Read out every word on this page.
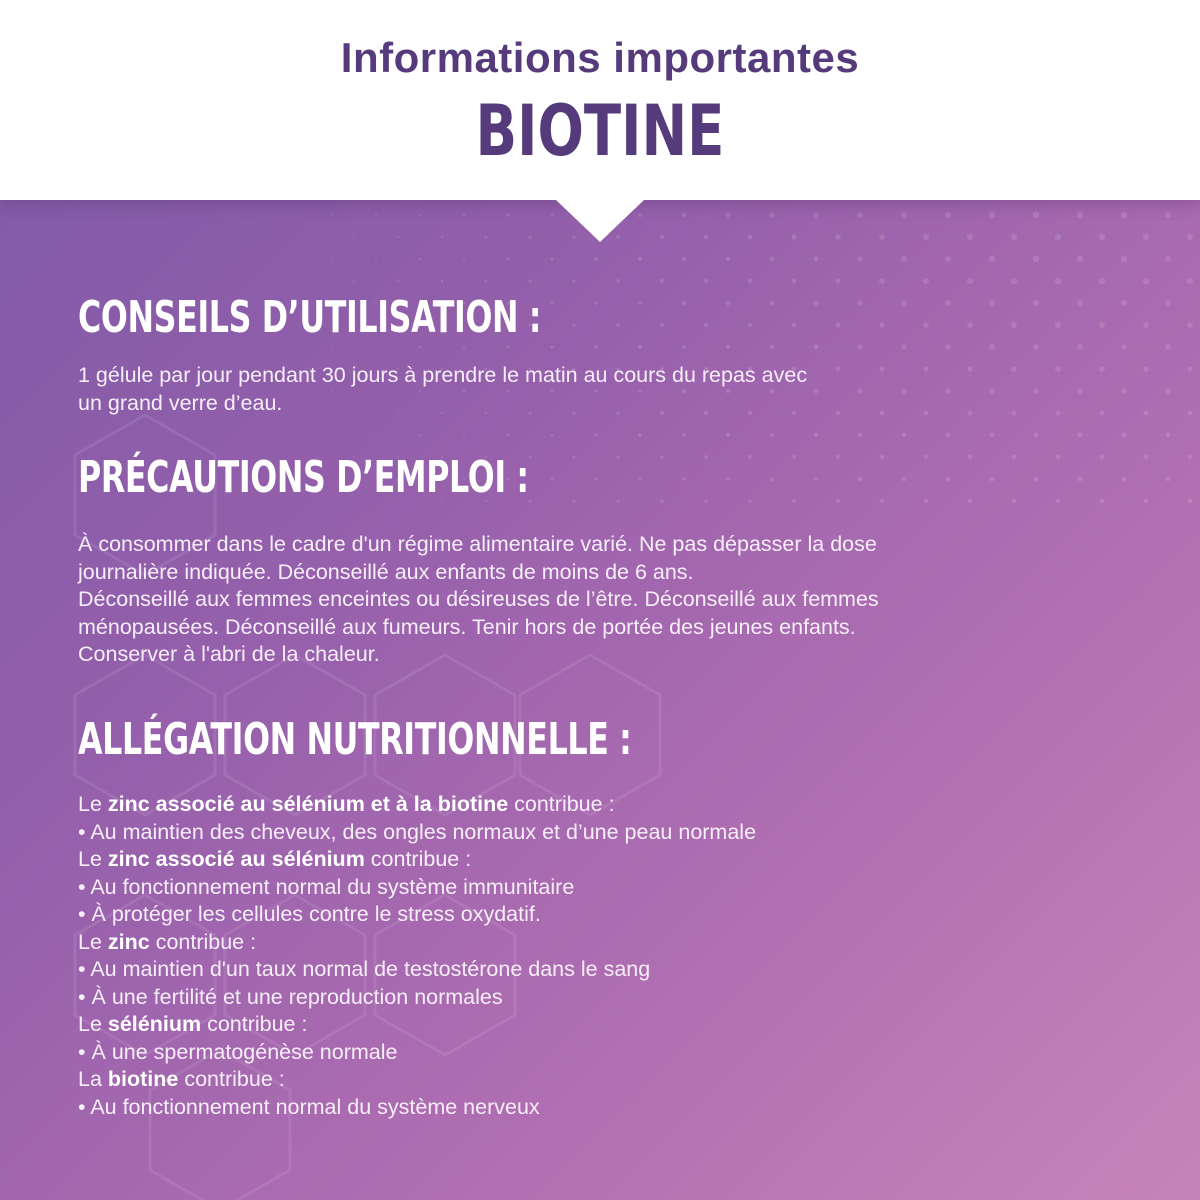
Informations importantes
BIOTINE
CONSEILS D’UTILISATION :

1 gélule par jour pendant 30 jours à prendre le matin au cours du repas avec

un grand verre d’eau.

PRÉCAUTIONS D’EMPLOI :

À consommer dans le cadre d'un régime alimentaire varié. Ne pas dépasser la dose

journalière indiquée. Déconseillé aux enfants de moins de 6 ans.

Déconseillé aux femmes enceintes ou désireuses de l’être. Déconseillé aux femmes

ménopausées. Déconseillé aux fumeurs. Tenir hors de portée des jeunes enfants.

Conserver à l'abri de la chaleur.

ALLÉGATION NUTRITIONNELLE :

Le zinc associé au sélénium et à la biotine contribue :

• Au maintien des cheveux, des ongles normaux et d’une peau normale

Le zinc associé au sélénium contribue :

• Au fonctionnement normal du système immunitaire

• À protéger les cellules contre le stress oxydatif.

Le zinc contribue :

• Au maintien d'un taux normal de testostérone dans le sang

• À une fertilité et une reproduction normales

Le sélénium contribue :

• À une spermatogénèse normale

La biotine contribue :

• Au fonctionnement normal du système nerveux
